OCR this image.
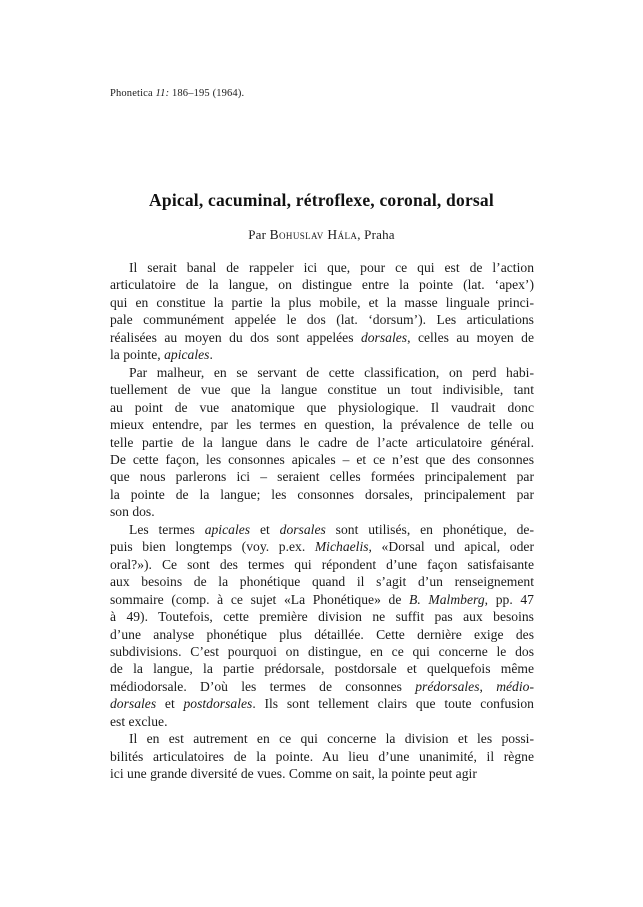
Phonetica 11: 186–195 (1964).
Apical, cacuminal, rétroflexe, coronal, dorsal

Par Bohuslav Hála, Praha

Il serait banal de rappeler ici que, pour ce qui est de l’action
articulatoire de la langue, on distingue entre la pointe (lat. ‘apex’)
qui en constitue la partie la plus mobile, et la masse linguale princi-
pale communément appelée le dos (lat. ‘dorsum’). Les articulations
réalisées au moyen du dos sont appelées dorsales, celles au moyen de
la pointe, apicales.

Par malheur, en se servant de cette classification, on perd habi-
tuellement de vue que la langue constitue un tout indivisible, tant
au point de vue anatomique que physiologique. Il vaudrait donc
mieux entendre, par les termes en question, la prévalence de telle ou
telle partie de la langue dans le cadre de l’acte articulatoire général.
De cette façon, les consonnes apicales – et ce n’est que des consonnes
que nous parlerons ici – seraient celles formées principalement par
la pointe de la langue; les consonnes dorsales, principalement par
son dos.

Les termes apicales et dorsales sont utilisés, en phonétique, de-
puis bien longtemps (voy. p.ex. Michaelis, «Dorsal und apical, oder
oral?»). Ce sont des termes qui répondent d’une façon satisfaisante
aux besoins de la phonétique quand il s’agit d’un renseignement
sommaire (comp. à ce sujet «La Phonétique» de B. Malmberg, pp. 47
à 49). Toutefois, cette première division ne suffit pas aux besoins
d’une analyse phonétique plus détaillée. Cette dernière exige des
subdivisions. C’est pourquoi on distingue, en ce qui concerne le dos
de la langue, la partie prédorsale, postdorsale et quelquefois même
médiodorsale. D’où les termes de consonnes prédorsales, médio-
dorsales et postdorsales. Ils sont tellement clairs que toute confusion
est exclue.

Il en est autrement en ce qui concerne la division et les possi-
bilités articulatoires de la pointe. Au lieu d’une unanimité, il règne
ici une grande diversité de vues. Comme on sait, la pointe peut agir
